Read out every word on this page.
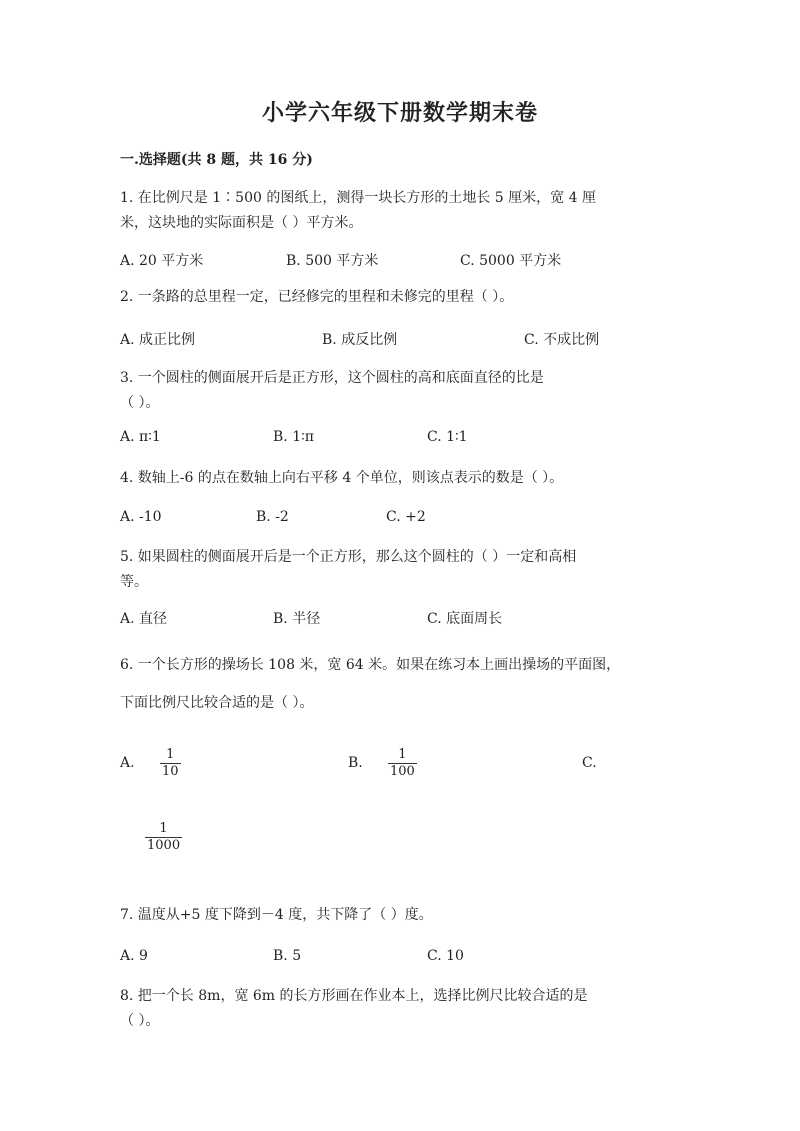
小学六年级下册数学期末卷
一.选择题(共 8 题，共 16 分)
1. 在比例尺是 1∶500 的图纸上，测得一块长方形的土地长 5 厘米，宽 4 厘
米，这块地的实际面积是（ ）平方米。
A. 20 平方米	B. 500 平方米	C. 5000 平方米
2. 一条路的总里程一定，已经修完的里程和未修完的里程（ ）。
A. 成正比例	B. 成反比例	C. 不成比例
3. 一个圆柱的侧面展开后是正方形，这个圆柱的高和底面直径的比是
（ ）。
A. π∶1	B. 1∶π	C. 1∶1
4. 数轴上-6 的点在数轴上向右平移 4 个单位，则该点表示的数是（ ）。
A. -10	B. -2	C. +2
5. 如果圆柱的侧面展开后是一个正方形，那么这个圆柱的（ ）一定和高相
等。
A. 直径	B. 半径	C. 底面周长
6. 一个长方形的操场长 108 米，宽 64 米。如果在练习本上画出操场的平面图，
下面比例尺比较合适的是（ ）。
A.
1
10
B.
1
100
C.
1
1000
7. 温度从+5 度下降到－4 度，共下降了（ ）度。
A. 9	B. 5	C. 10
8. 把一个长 8m，宽 6m 的长方形画在作业本上，选择比例尺比较合适的是
（ ）。
